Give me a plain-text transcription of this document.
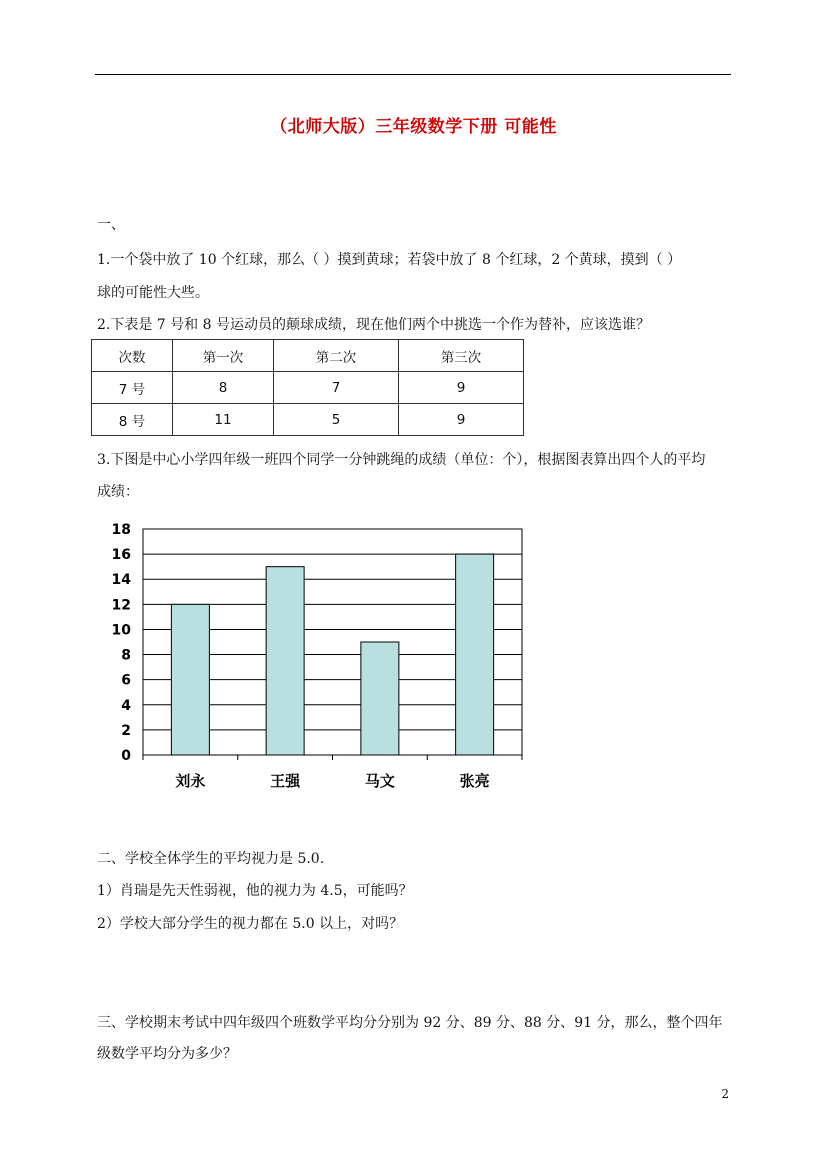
（北师大版）三年级数学下册 可能性
一、
1.一个袋中放了 10 个红球，那么（ ）摸到黄球；若袋中放了 8 个红球，2 个黄球，摸到（ ）
球的可能性大些。
2.下表是 7 号和 8 号运动员的颠球成绩，现在他们两个中挑选一个作为替补，应该选谁？
次数	第一次	第二次	第三次
7 号	8	7	9
8 号	11	5	9
3.下图是中心小学四年级一班四个同学一分钟跳绳的成绩（单位：个），根据图表算出四个人的平均
成绩：
0
2
4
6
8
10
12
14
16
18
刘永	王强	马文	张亮
二、学校全体学生的平均视力是 5.0.
1）肖瑞是先天性弱视，他的视力为 4.5，可能吗？
2）学校大部分学生的视力都在 5.0 以上，对吗？
三、学校期末考试中四年级四个班数学平均分分别为 92 分、89 分、88 分、91 分，那么，整个四年
级数学平均分为多少？
2
